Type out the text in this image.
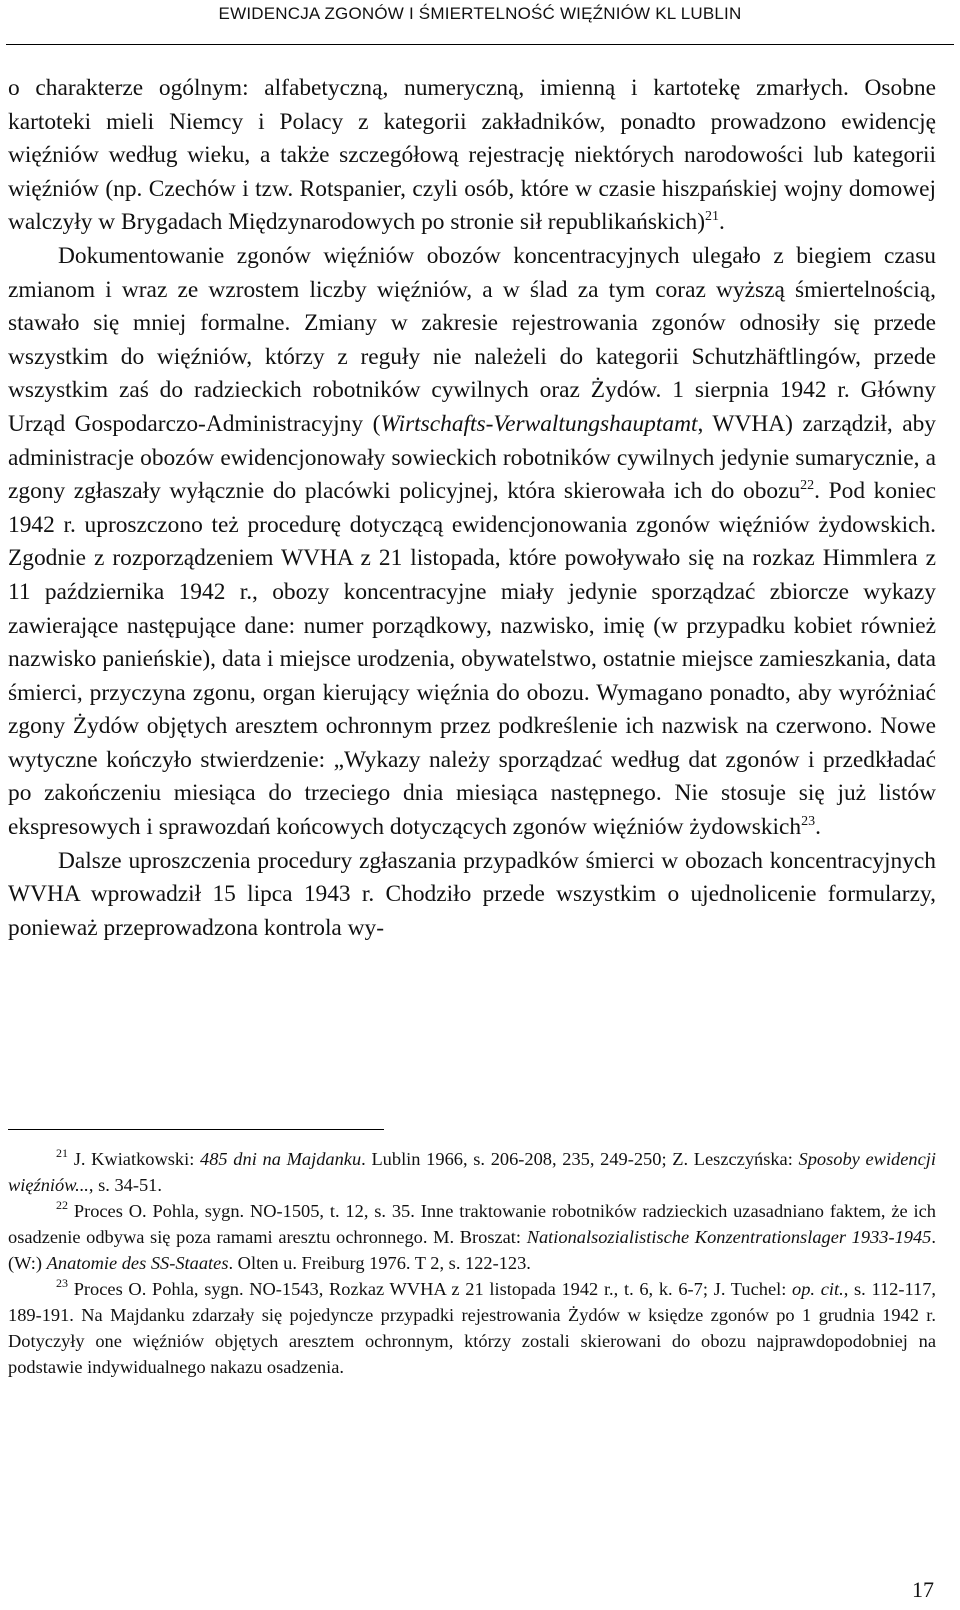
EWIDENCJA ZGONÓW I ŚMIERTELNOŚĆ WIĘŹNIÓW KL LUBLIN

o charakterze ogólnym: alfabetyczną, numeryczną, imienną i kartotekę zmarłych. Osobne kartoteki mieli Niemcy i Polacy z kategorii zakładników, ponadto prowadzono ewidencję więźniów według wieku, a także szczegółową rejestrację niektórych narodowości lub kategorii więźniów (np. Czechów i tzw. Rotspanier, czyli osób, które w czasie hiszpańskiej wojny domowej walczyły w Brygadach Międzynarodowych po stronie sił republikańskich)$^{21}$.

Dokumentowanie zgonów więźniów obozów koncentracyjnych ulegało z biegiem czasu zmianom i wraz ze wzrostem liczby więźniów, a w ślad za tym coraz wyższą śmiertelnością, stawało się mniej formalne. Zmiany w zakresie rejestrowania zgonów odnosiły się przede wszystkim do więźniów, którzy z reguły nie należeli do kategorii Schutzhäftlingów, przede wszystkim zaś do radzieckich robotników cywilnych oraz Żydów. 1 sierpnia 1942 r. Główny Urząd Gospodarczo-Administracyjny (Wirtschafts-Verwaltungshauptamt, WVHA) zarządził, aby administracje obozów ewidencjonowały sowieckich robotników cywilnych jedynie sumarycznie, a zgony zgłaszały wyłącznie do placówki policyjnej, która skierowała ich do obozu$^{22}$. Pod koniec 1942 r. uproszczono też procedurę dotyczącą ewidencjonowania zgonów więźniów żydowskich. Zgodnie z rozporządzeniem WVHA z 21 listopada, które powoływało się na rozkaz Himmlera z 11 października 1942 r., obozy koncentracyjne miały jedynie sporządzać zbiorcze wykazy zawierające następujące dane: numer porządkowy, nazwisko, imię (w przypadku kobiet również nazwisko panieńskie), data i miejsce urodzenia, obywatelstwo, ostatnie miejsce zamieszkania, data śmierci, przyczyna zgonu, organ kierujący więźnia do obozu. Wymagano ponadto, aby wyróżniać zgony Żydów objętych aresztem ochronnym przez podkreślenie ich nazwisk na czerwono. Nowe wytyczne kończyło stwierdzenie: „Wykazy należy sporządzać według dat zgonów i przedkładać po zakończeniu miesiąca do trzeciego dnia miesiąca następnego. Nie stosuje się już listów ekspresowych i sprawozdań końcowych dotyczących zgonów więźniów żydowskich$^{23}$.

Dalsze uproszczenia procedury zgłaszania przypadków śmierci w obozach koncentracyjnych WVHA wprowadził 15 lipca 1943 r. Chodziło przede wszystkim o ujednolicenie formularzy, ponieważ przeprowadzona kontrola wy-

$^{21}$ J. Kwiatkowski: 485 dni na Majdanku. Lublin 1966, s. 206-208, 235, 249-250; Z. Leszczyńska: Sposoby ewidencji więźniów..., s. 34-51.

$^{22}$ Proces O. Pohla, sygn. NO-1505, t. 12, s. 35. Inne traktowanie robotników radzieckich uzasadniano faktem, że ich osadzenie odbywa się poza ramami aresztu ochronnego. M. Broszat: Nationalsozialistische Konzentrationslager 1933-1945. (W:) Anatomie des SS-Staates. Olten u. Freiburg 1976. T 2, s. 122-123.

$^{23}$ Proces O. Pohla, sygn. NO-1543, Rozkaz WVHA z 21 listopada 1942 r., t. 6, k. 6-7; J. Tuchel: op. cit., s. 112-117, 189-191. Na Majdanku zdarzały się pojedyncze przypadki rejestrowania Żydów w księdze zgonów po 1 grudnia 1942 r. Dotyczyły one więźniów objętych aresztem ochronnym, którzy zostali skierowani do obozu najprawdopodobniej na podstawie indywidualnego nakazu osadzenia.

17
